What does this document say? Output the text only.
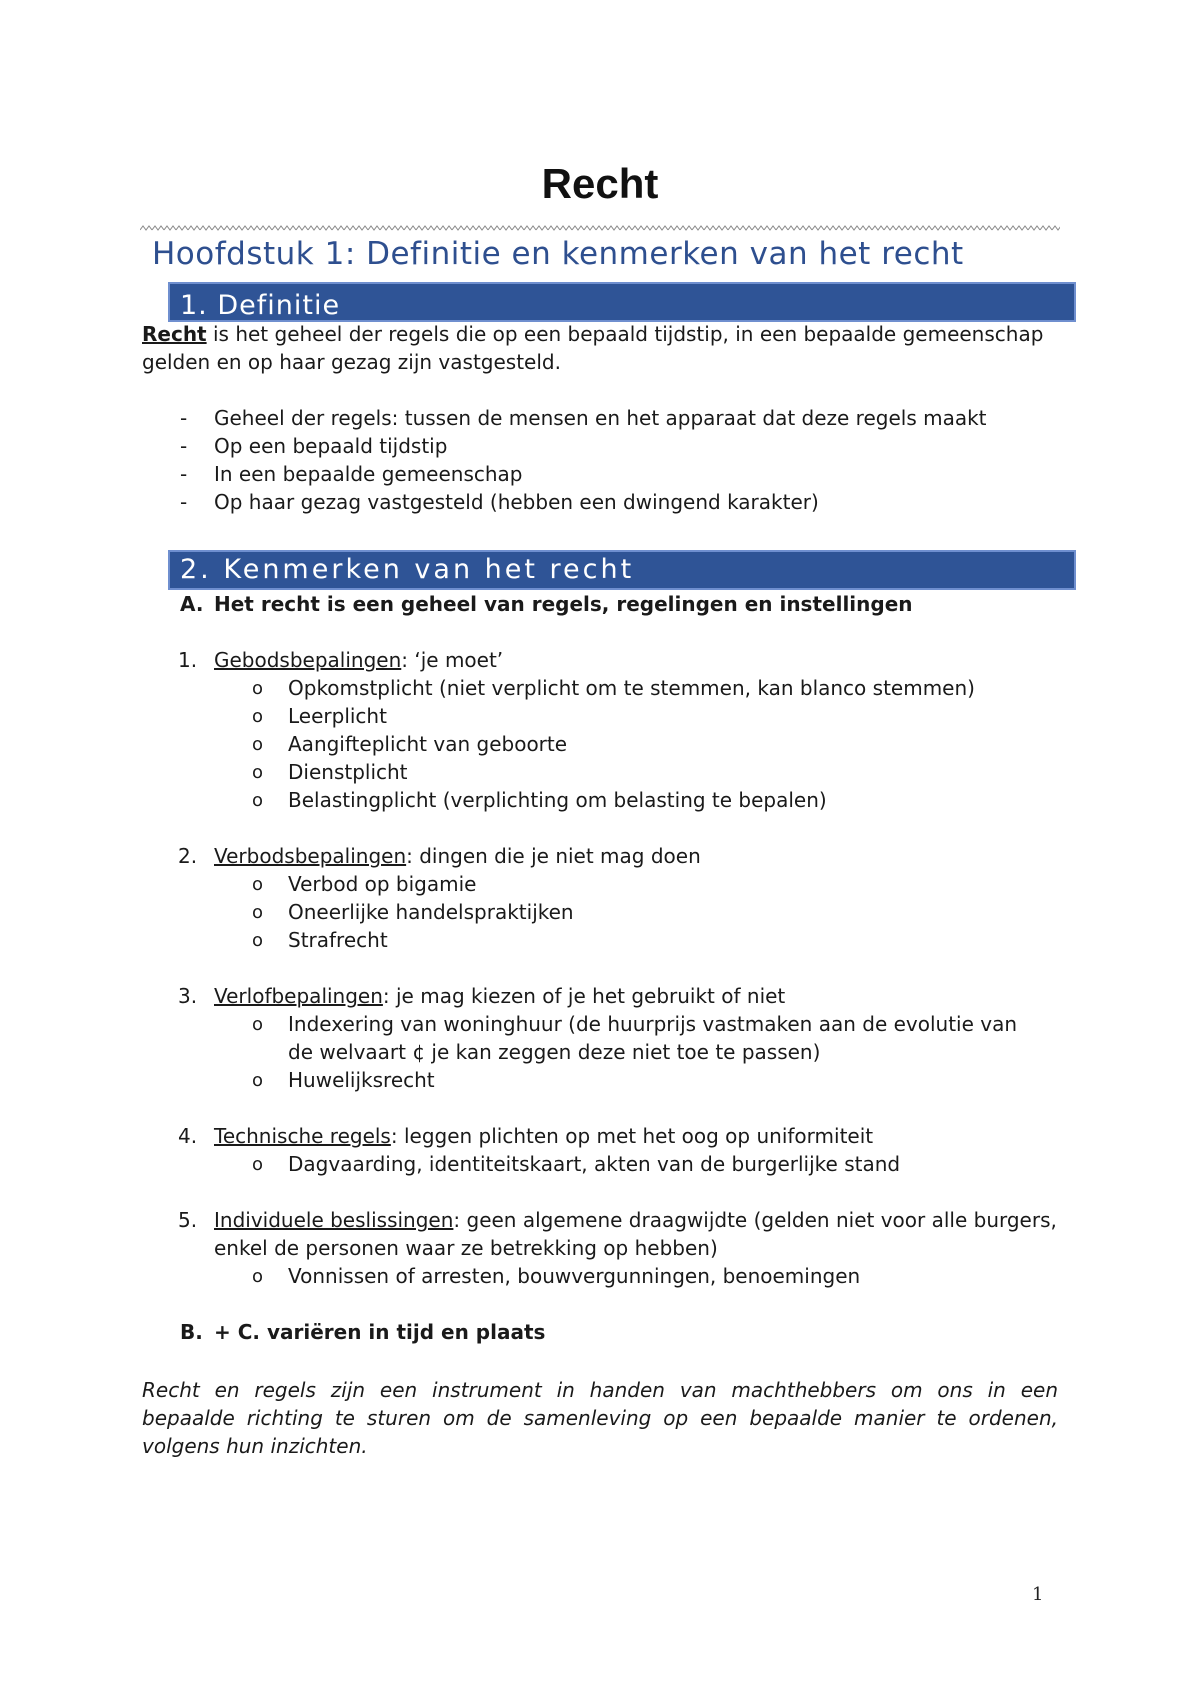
Recht
Hoofdstuk 1: Definitie en kenmerken van het recht
1. Definitie
Recht is het geheel der regels die op een bepaald tijdstip, in een bepaalde gemeenschap
gelden en op haar gezag zijn vastgesteld.
- Geheel der regels: tussen de mensen en het apparaat dat deze regels maakt
- Op een bepaald tijdstip
- In een bepaalde gemeenschap
- Op haar gezag vastgesteld (hebben een dwingend karakter)
2. Kenmerken van het recht
A. Het recht is een geheel van regels, regelingen en instellingen
1. Gebodsbepalingen: ‘je moet’
o Opkomstplicht (niet verplicht om te stemmen, kan blanco stemmen)
o Leerplicht
o Aangifteplicht van geboorte
o Dienstplicht
o Belastingplicht (verplichting om belasting te bepalen)
2. Verbodsbepalingen: dingen die je niet mag doen
o Verbod op bigamie
o Oneerlijke handelspraktijken
o Strafrecht
3. Verlofbepalingen: je mag kiezen of je het gebruikt of niet
o Indexering van woninghuur (de huurprijs vastmaken aan de evolutie van
de welvaart ¢ je kan zeggen deze niet toe te passen)
o Huwelijksrecht
4. Technische regels: leggen plichten op met het oog op uniformiteit
o Dagvaarding, identiteitskaart, akten van de burgerlijke stand
5. Individuele beslissingen: geen algemene draagwijdte (gelden niet voor alle burgers,
enkel de personen waar ze betrekking op hebben)
o Vonnissen of arresten, bouwvergunningen, benoemingen
B. + C. variëren in tijd en plaats
Recht en regels zijn een instrument in handen van machthebbers om ons in een
bepaalde richting te sturen om de samenleving op een bepaalde manier te ordenen,
volgens hun inzichten.
1
